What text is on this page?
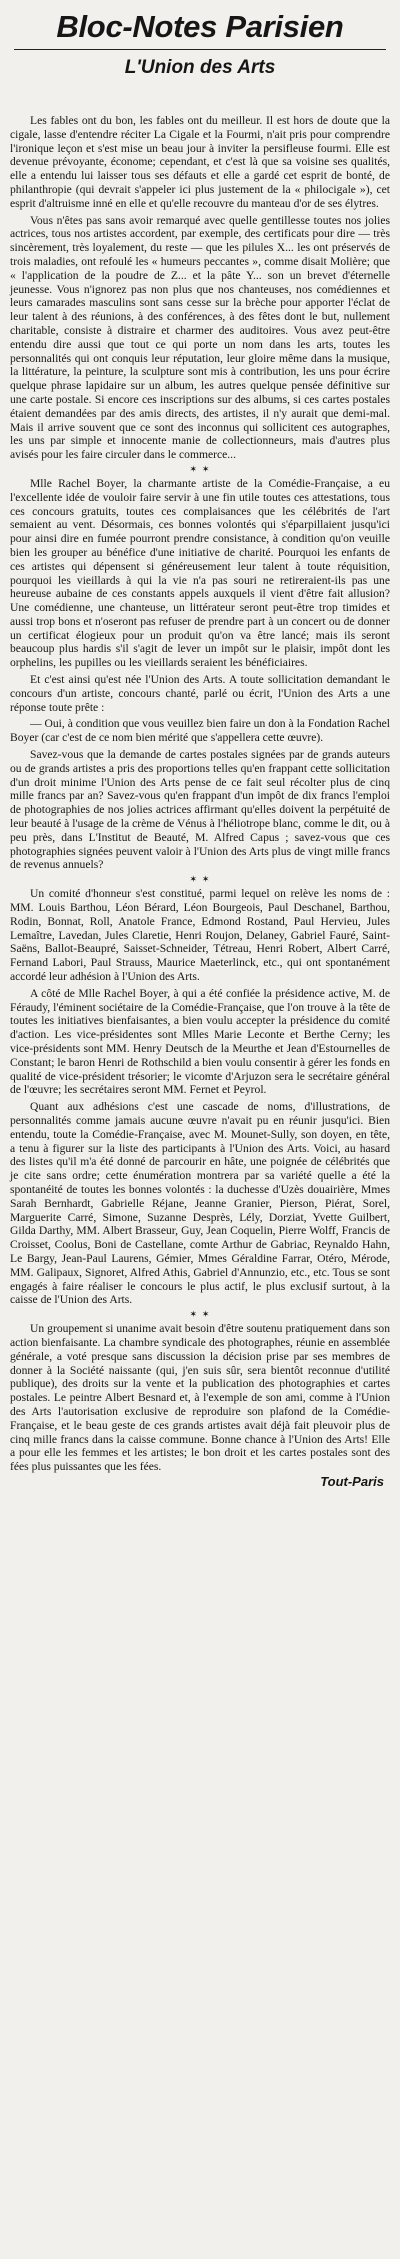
Bloc-Notes Parisien
L'Union des Arts

Les fables ont du bon, les fables ont du meilleur. Il est hors de doute que la cigale, lasse d'entendre réciter La Cigale et la Fourmi, n'ait pris pour comprendre l'ironique leçon et s'est mise un beau jour à inviter la persifleuse fourmi. Elle est devenue prévoyante, économe; cependant, et c'est là que sa voisine ses qualités, elle a entendu lui laisser tous ses défauts et elle a gardé cet esprit de bonté, de philanthropie (qui devrait s'appeler ici plus justement de la « philocigale »), cet esprit d'altruisme inné en elle et qu'elle recouvre du manteau d'or de ses élytres.

Vous n'êtes pas sans avoir remarqué avec quelle gentillesse toutes nos jolies actrices, tous nos artistes accordent, par exemple, des certificats pour dire — très sincèrement, très loyalement, du reste — que les pilules X... les ont préservés de trois maladies, ont refoulé les « humeurs peccantes », comme disait Molière; que « l'application de la poudre de Z... et la pâte Y... son un brevet d'éternelle jeunesse. Vous n'ignorez pas non plus que nos chanteuses, nos comédiennes et leurs camarades masculins sont sans cesse sur la brèche pour apporter l'éclat de leur talent à des réunions, à des conférences, à des fêtes dont le but, nullement charitable, consiste à distraire et charmer des auditoires. Vous avez peut-être entendu dire aussi que tout ce qui porte un nom dans les arts, toutes les personnalités qui ont conquis leur réputation, leur gloire même dans la musique, la littérature, la peinture, la sculpture sont mis à contribution, les uns pour écrire quelque phrase lapidaire sur un album, les autres quelque pensée définitive sur une carte postale. Si encore ces inscriptions sur des albums, si ces cartes postales étaient demandées par des amis directs, des artistes, il n'y aurait que demi-mal. Mais il arrive souvent que ce sont des inconnus qui sollicitent ces autographes, les uns par simple et innocente manie de collectionneurs, mais d'autres plus avisés pour les faire circuler dans le commerce...

✶ ✶

Mlle Rachel Boyer, la charmante artiste de la Comédie-Française, a eu l'excellente idée de vouloir faire servir à une fin utile toutes ces attestations, tous ces concours gratuits, toutes ces complaisances que les célébrités de l'art semaient au vent. Désormais, ces bonnes volontés qui s'éparpillaient jusqu'ici pour ainsi dire en fumée pourront prendre consistance, à condition qu'on veuille bien les grouper au bénéfice d'une initiative de charité. Pourquoi les enfants de ces artistes qui dépensent si généreusement leur talent à toute réquisition, pourquoi les vieillards à qui la vie n'a pas souri ne retireraient-ils pas une heureuse aubaine de ces constants appels auxquels il vient d'être fait allusion? Une comédienne, une chanteuse, un littérateur seront peut-être trop timides et aussi trop bons et n'oseront pas refuser de prendre part à un concert ou de donner un certificat élogieux pour un produit qu'on va être lancé; mais ils seront beaucoup plus hardis s'il s'agit de lever un impôt sur le plaisir, impôt dont les orphelins, les pupilles ou les vieillards seraient les bénéficiaires.

Et c'est ainsi qu'est née l'Union des Arts. A toute sollicitation demandant le concours d'un artiste, concours chanté, parlé ou écrit, l'Union des Arts a une réponse toute prête :

— Oui, à condition que vous veuillez bien faire un don à la Fondation Rachel Boyer (car c'est de ce nom bien mérité que s'appellera cette œuvre).

Savez-vous que la demande de cartes postales signées par de grands auteurs ou de grands artistes a pris des proportions telles qu'en frappant cette sollicitation d'un droit minime l'Union des Arts pense de ce fait seul récolter plus de cinq mille francs par an? Savez-vous qu'en frappant d'un impôt de dix francs l'emploi de photographies de nos jolies actrices affirmant qu'elles doivent la perpétuité de leur beauté à l'usage de la crème de Vénus à l'héliotrope blanc, comme le dit, ou à peu près, dans L'Institut de Beauté, M. Alfred Capus ; savez-vous que ces photographies signées peuvent valoir à l'Union des Arts plus de vingt mille francs de revenus annuels?

✶ ✶

Un comité d'honneur s'est constitué, parmi lequel on relève les noms de : MM. Louis Barthou, Léon Bérard, Léon Bourgeois, Paul Deschanel, Barthou, Rodin, Bonnat, Roll, Anatole France, Edmond Rostand, Paul Hervieu, Jules Lemaître, Lavedan, Jules Claretie, Henri Roujon, Delaney, Gabriel Fauré, Saint-Saëns, Ballot-Beaupré, Saisset-Schneider, Tétreau, Henri Robert, Albert Carré, Fernand Labori, Paul Strauss, Maurice Maeterlinck, etc., qui ont spontanément accordé leur adhésion à l'Union des Arts.

A côté de Mlle Rachel Boyer, à qui a été confiée la présidence active, M. de Féraudy, l'éminent sociétaire de la Comédie-Française, que l'on trouve à la tête de toutes les initiatives bienfaisantes, a bien voulu accepter la présidence du comité d'action. Les vice-présidentes sont Mlles Marie Leconte et Berthe Cerny; les vice-présidents sont MM. Henry Deutsch de la Meurthe et Jean d'Estournelles de Constant; le baron Henri de Rothschild a bien voulu consentir à gérer les fonds en qualité de vice-président trésorier; le vicomte d'Arjuzon sera le secrétaire général de l'œuvre; les secrétaires seront MM. Fernet et Peyrol.

Quant aux adhésions c'est une cascade de noms, d'illustrations, de personnalités comme jamais aucune œuvre n'avait pu en réunir jusqu'ici. Bien entendu, toute la Comédie-Française, avec M. Mounet-Sully, son doyen, en tête, a tenu à figurer sur la liste des participants à l'Union des Arts. Voici, au hasard des listes qu'il m'a été donné de parcourir en hâte, une poignée de célébrités que je cite sans ordre; cette énumération montrera par sa variété quelle a été la spontanéité de toutes les bonnes volontés : la duchesse d'Uzès douairière, Mmes Sarah Bernhardt, Gabrielle Réjane, Jeanne Granier, Pierson, Piérat, Sorel, Marguerite Carré, Simone, Suzanne Desprès, Lély, Dorziat, Yvette Guilbert, Gilda Darthy, MM. Albert Brasseur, Guy, Jean Coquelin, Pierre Wolff, Francis de Croisset, Coolus, Boni de Castellane, comte Arthur de Gabriac, Reynaldo Hahn, Le Bargy, Jean-Paul Laurens, Gémier, Mmes Géraldine Farrar, Otéro, Mérode, MM. Galipaux, Signoret, Alfred Athis, Gabriel d'Annunzio, etc., etc. Tous se sont engagés à faire réaliser le concours le plus actif, le plus exclusif surtout, à la caisse de l'Union des Arts.

✶ ✶

Un groupement si unanime avait besoin d'être soutenu pratiquement dans son action bienfaisante. La chambre syndicale des photographes, réunie en assemblée générale, a voté presque sans discussion la décision prise par ses membres de donner à la Société naissante (qui, j'en suis sûr, sera bientôt reconnue d'utilité publique), des droits sur la vente et la publication des photographies et cartes postales. Le peintre Albert Besnard et, à l'exemple de son ami, comme à l'Union des Arts l'autorisation exclusive de reproduire son plafond de la Comédie-Française, et le beau geste de ces grands artistes avait déjà fait pleuvoir plus de cinq mille francs dans la caisse commune. Bonne chance à l'Union des Arts! Elle a pour elle les femmes et les artistes; le bon droit et les cartes postales sont des fées plus puissantes que les fées.

Tout-Paris
